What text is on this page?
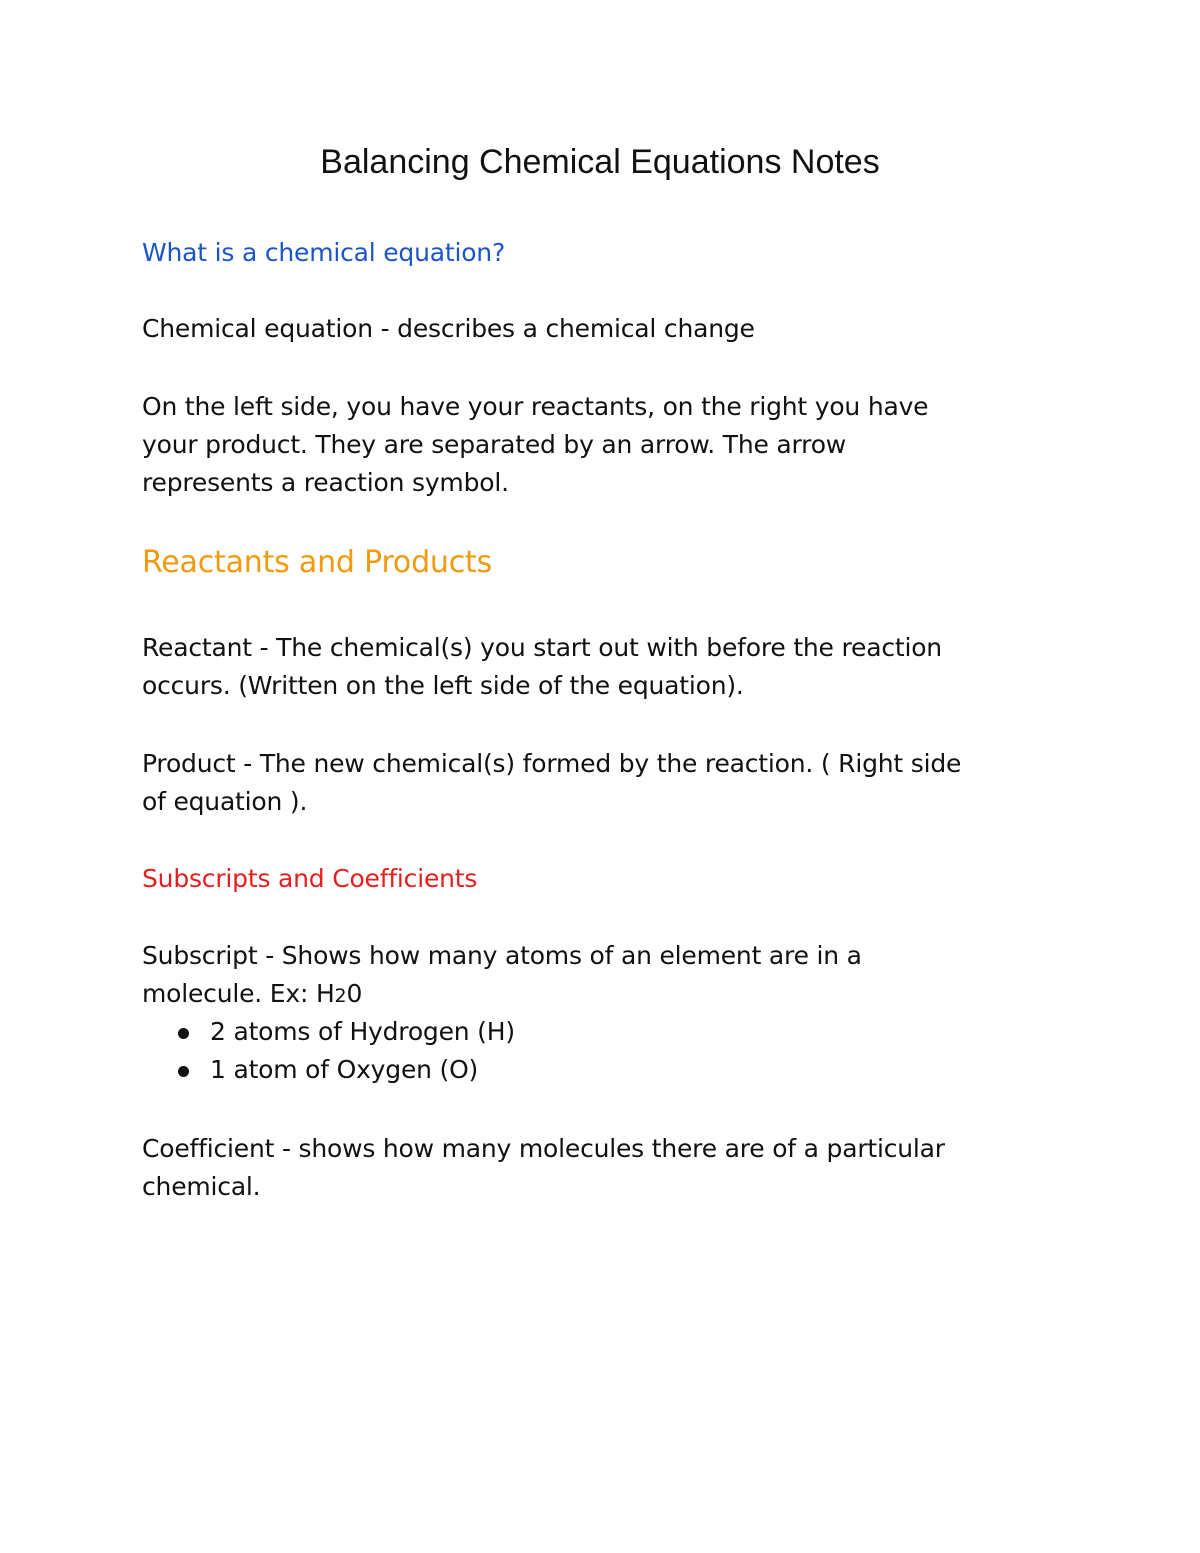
Balancing Chemical Equations Notes
What is a chemical equation?
Chemical equation - describes a chemical change
On the left side, you have your reactants, on the right you have
your product. They are separated by an arrow. The arrow
represents a reaction symbol.
Reactants and Products
Reactant - The chemical(s) you start out with before the reaction
occurs. (Written on the left side of the equation).
Product - The new chemical(s) formed by the reaction. ( Right side
of equation ).
Subscripts and Coefficients
Subscript - Shows how many atoms of an element are in a
molecule. Ex: H20
2 atoms of Hydrogen (H)
1 atom of Oxygen (O)
Coefficient - shows how many molecules there are of a particular
chemical.
